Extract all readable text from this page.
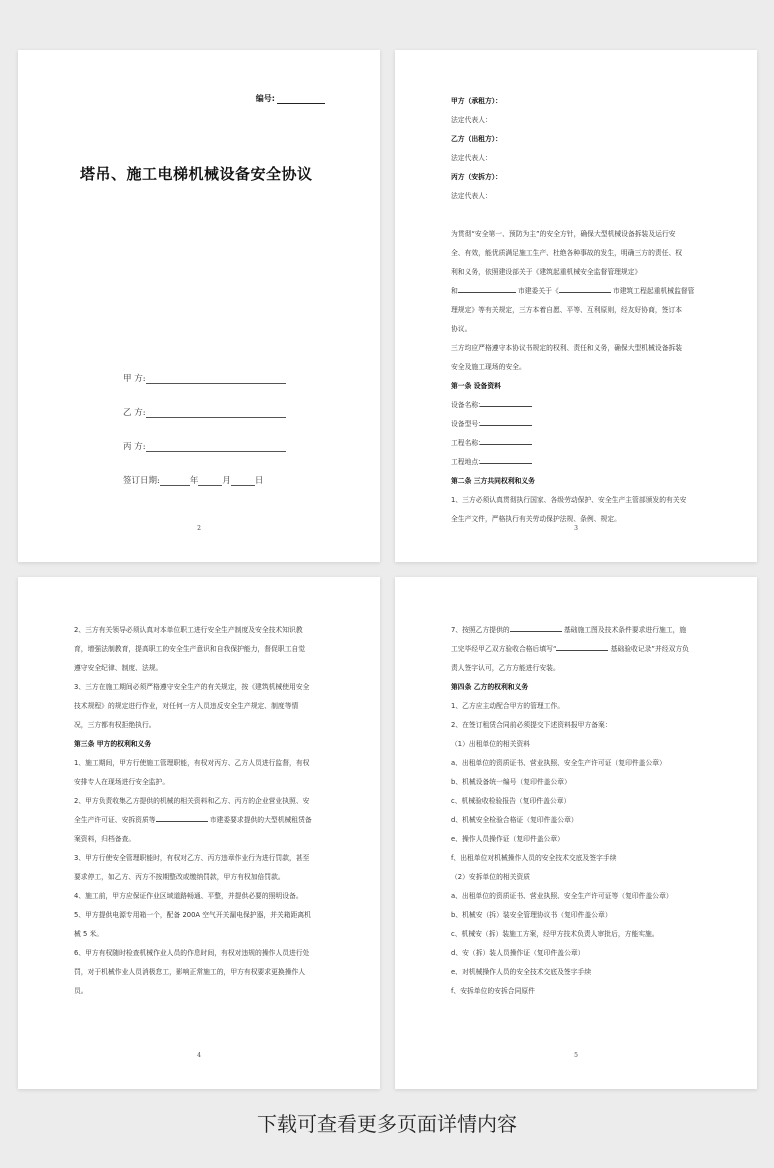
编号:
塔吊、施工电梯机械设备安全协议
甲 方:
乙 方:
丙 方:
签订日期:	年	月	日
2
甲方（承租方）：
法定代表人：
乙方（出租方）：
法定代表人：
丙方（安拆方）：
法定代表人：

为贯彻“安全第一、预防为主”的安全方针，确保大型机械设备拆装及运行安
全、有效，能优质满足施工生产、杜绝各种事故的发生，明确三方的责任、权
利和义务，依照建设部关于《建筑起重机械安全监督管理规定》
和	市建委关于《	市建筑工程起重机械监督管
理规定》等有关规定，三方本着自愿、平等、互利原则，经友好协商，签订本
协议。
三方均应严格遵守本协议书规定的权利、责任和义务，确保大型机械设备拆装
安全及施工现场的安全。
第一条 设备资料
设备名称:
设备型号:
工程名称:
工程地点:
第二条 三方共同权利和义务
1、三方必须认真贯彻执行国家、各级劳动保护、安全生产主管部颁发的有关安
全生产文件，严格执行有关劳动保护法规、条例、规定。
3
2、三方有关领导必须认真对本单位职工进行安全生产制度及安全技术知识教
育，增强法制教育，提高职工的安全生产意识和自我保护能力，督促职工自觉
遵守安全纪律、制度、法规。
3、三方在施工期间必须严格遵守安全生产的有关规定，按《建筑机械使用安全
技术规程》的规定进行作业，对任何一方人员违反安全生产规定、制度等情
况，三方都有权拒绝执行。
第三条 甲方的权利和义务
1、施工期间，甲方行使施工管理职能，有权对丙方、乙方人员进行监督，有权
安排专人在现场进行安全监护。
2、甲方负责收集乙方提供的机械的相关资料和乙方、丙方的企业营业执照、安
全生产许可证、安拆资质等	市建委要求提供的大型机械租赁备
案资料，归档备查。
3、甲方行使安全管理职能时，有权对乙方、丙方违章作业行为进行罚款，甚至
要求停工，如乙方、丙方不按期整改或缴纳罚款，甲方有权加倍罚款。
4、施工前，甲方应保证作业区域道路畅通、平整，并提供必要的照明设备。
5、甲方提供电源专用箱一个，配备 200A 空气开关漏电保护器，并关箱距离机
械 5 米。
6、甲方有权随时检查机械作业人员的作息时间，有权对违规的操作人员进行处
罚，对于机械作业人员消极怠工，影响正常施工的，甲方有权要求更换操作人
员。
4
7、按照乙方提供的	基础施工图及技术条件要求进行施工，施
工完毕经甲乙双方验收合格后填写“	基础验收记录”并经双方负
责人签字认可，乙方方能进行安装。
第四条 乙方的权利和义务
1、乙方应主动配合甲方的管理工作。
2、在签订租赁合同前必须提交下述资料报甲方备案：
（1）出租单位的相关资料
a、出租单位的资质证书、营业执照、安全生产许可证（复印件盖公章）
b、机械设备统一编号（复印件盖公章）
c、机械验收检验报告（复印件盖公章）
d、机械安全检验合格证（复印件盖公章）
e、操作人员操作证（复印件盖公章）
f、出租单位对机械操作人员的安全技术交底及签字手续
（2）安拆单位的相关资质
a、出租单位的资质证书、营业执照、安全生产许可证等（复印件盖公章）
b、机械安（拆）装安全管理协议书（复印件盖公章）
c、机械安（拆）装施工方案，经甲方技术负责人审批后，方能实施。
d、安（拆）装人员操作证（复印件盖公章）
e、对机械操作人员的安全技术交底及签字手续
f、安拆单位的安拆合同原件
5
下载可查看更多页面详情内容
